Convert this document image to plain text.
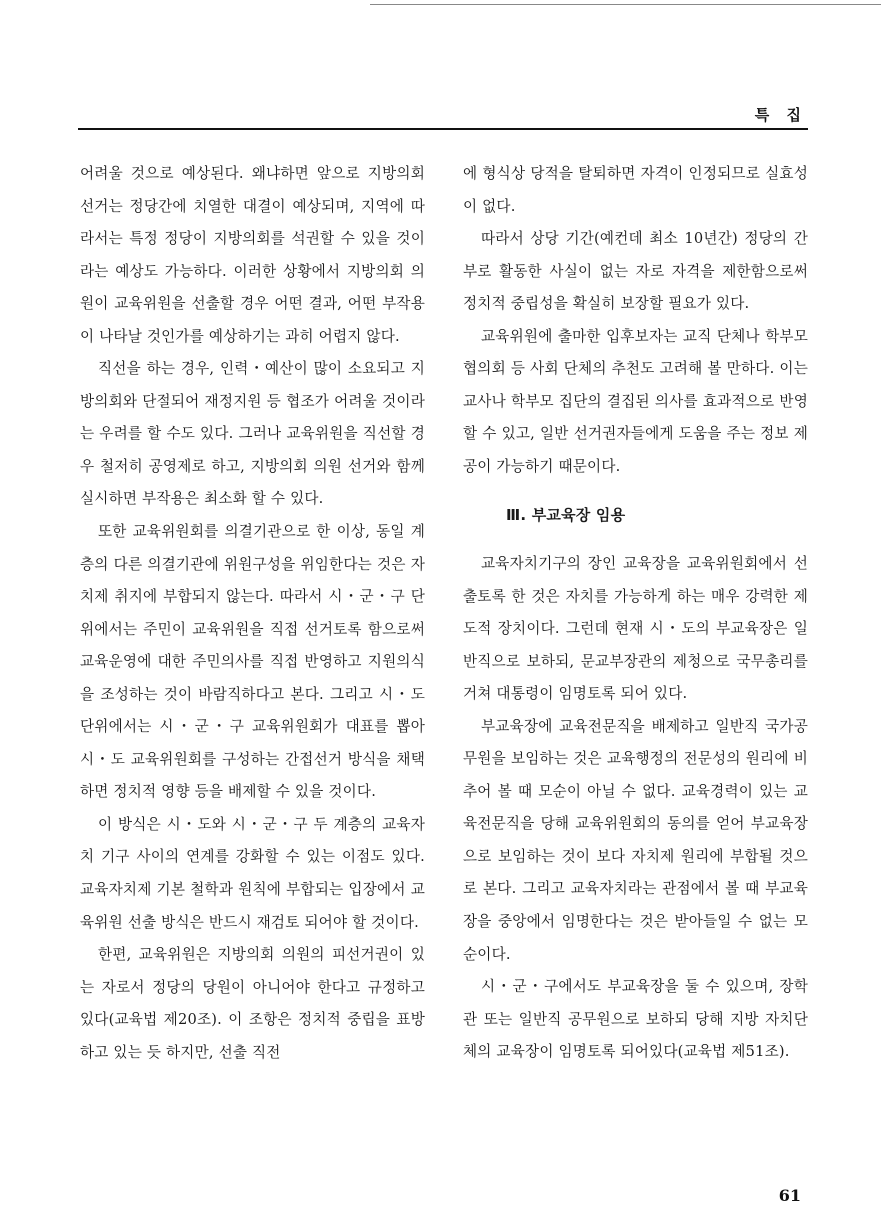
특 집

어려울 것으로 예상된다. 왜냐하면 앞으로 지방의회 선거는 정당간에 치열한 대결이 예상되며, 지역에 따라서는 특정 정당이 지방의회를 석권할 수 있을 것이라는 예상도 가능하다. 이러한 상황에서 지방의회 의원이 교육위원을 선출할 경우 어떤 결과, 어떤 부작용이 나타날 것인가를 예상하기는 과히 어렵지 않다.

직선을 하는 경우, 인력・예산이 많이 소요되고 지방의회와 단절되어 재정지원 등 협조가 어려울 것이라는 우려를 할 수도 있다. 그러나 교육위원을 직선할 경우 철저히 공영제로 하고, 지방의회 의원 선거와 함께 실시하면 부작용은 최소화 할 수 있다.

또한 교육위원회를 의결기관으로 한 이상, 동일 계층의 다른 의결기관에 위원구성을 위임한다는 것은 자치제 취지에 부합되지 않는다. 따라서 시・군・구 단위에서는 주민이 교육위원을 직접 선거토록 함으로써 교육운영에 대한 주민의사를 직접 반영하고 지원의식을 조성하는 것이 바람직하다고 본다. 그리고 시・도 단위에서는 시・군・구 교육위원회가 대표를 뽑아 시・도 교육위원회를 구성하는 간접선거 방식을 채택하면 정치적 영향 등을 배제할 수 있을 것이다.

이 방식은 시・도와 시・군・구 두 계층의 교육자치 기구 사이의 연계를 강화할 수 있는 이점도 있다. 교육자치제 기본 철학과 원칙에 부합되는 입장에서 교육위원 선출 방식은 반드시 재검토 되어야 할 것이다.

한편, 교육위원은 지방의회 의원의 피선거권이 있는 자로서 정당의 당원이 아니어야 한다고 규정하고 있다(교육법 제20조). 이 조항은 정치적 중립을 표방하고 있는 듯 하지만, 선출 직전

에 형식상 당적을 탈퇴하면 자격이 인정되므로 실효성이 없다.

따라서 상당 기간(예컨데 최소 10년간) 정당의 간부로 활동한 사실이 없는 자로 자격을 제한함으로써 정치적 중립성을 확실히 보장할 필요가 있다.

교육위원에 출마한 입후보자는 교직 단체나 학부모 협의회 등 사회 단체의 추천도 고려해 볼 만하다. 이는 교사나 학부모 집단의 결집된 의사를 효과적으로 반영할 수 있고, 일반 선거권자들에게 도움을 주는 정보 제공이 가능하기 때문이다.

Ⅲ. 부교육장 임용

교육자치기구의 장인 교육장을 교육위원회에서 선출토록 한 것은 자치를 가능하게 하는 매우 강력한 제도적 장치이다. 그런데 현재 시・도의 부교육장은 일반직으로 보하되, 문교부장관의 제청으로 국무총리를 거쳐 대통령이 임명토록 되어 있다.

부교육장에 교육전문직을 배제하고 일반직 국가공무원을 보임하는 것은 교육행정의 전문성의 원리에 비추어 볼 때 모순이 아닐 수 없다. 교육경력이 있는 교육전문직을 당해 교육위원회의 동의를 얻어 부교육장으로 보임하는 것이 보다 자치제 원리에 부합될 것으로 본다. 그리고 교육자치라는 관점에서 볼 때 부교육장을 중앙에서 임명한다는 것은 받아들일 수 없는 모순이다.

시・군・구에서도 부교육장을 둘 수 있으며, 장학관 또는 일반직 공무원으로 보하되 당해 지방 자치단체의 교육장이 임명토록 되어있다(교육법 제51조).

61
